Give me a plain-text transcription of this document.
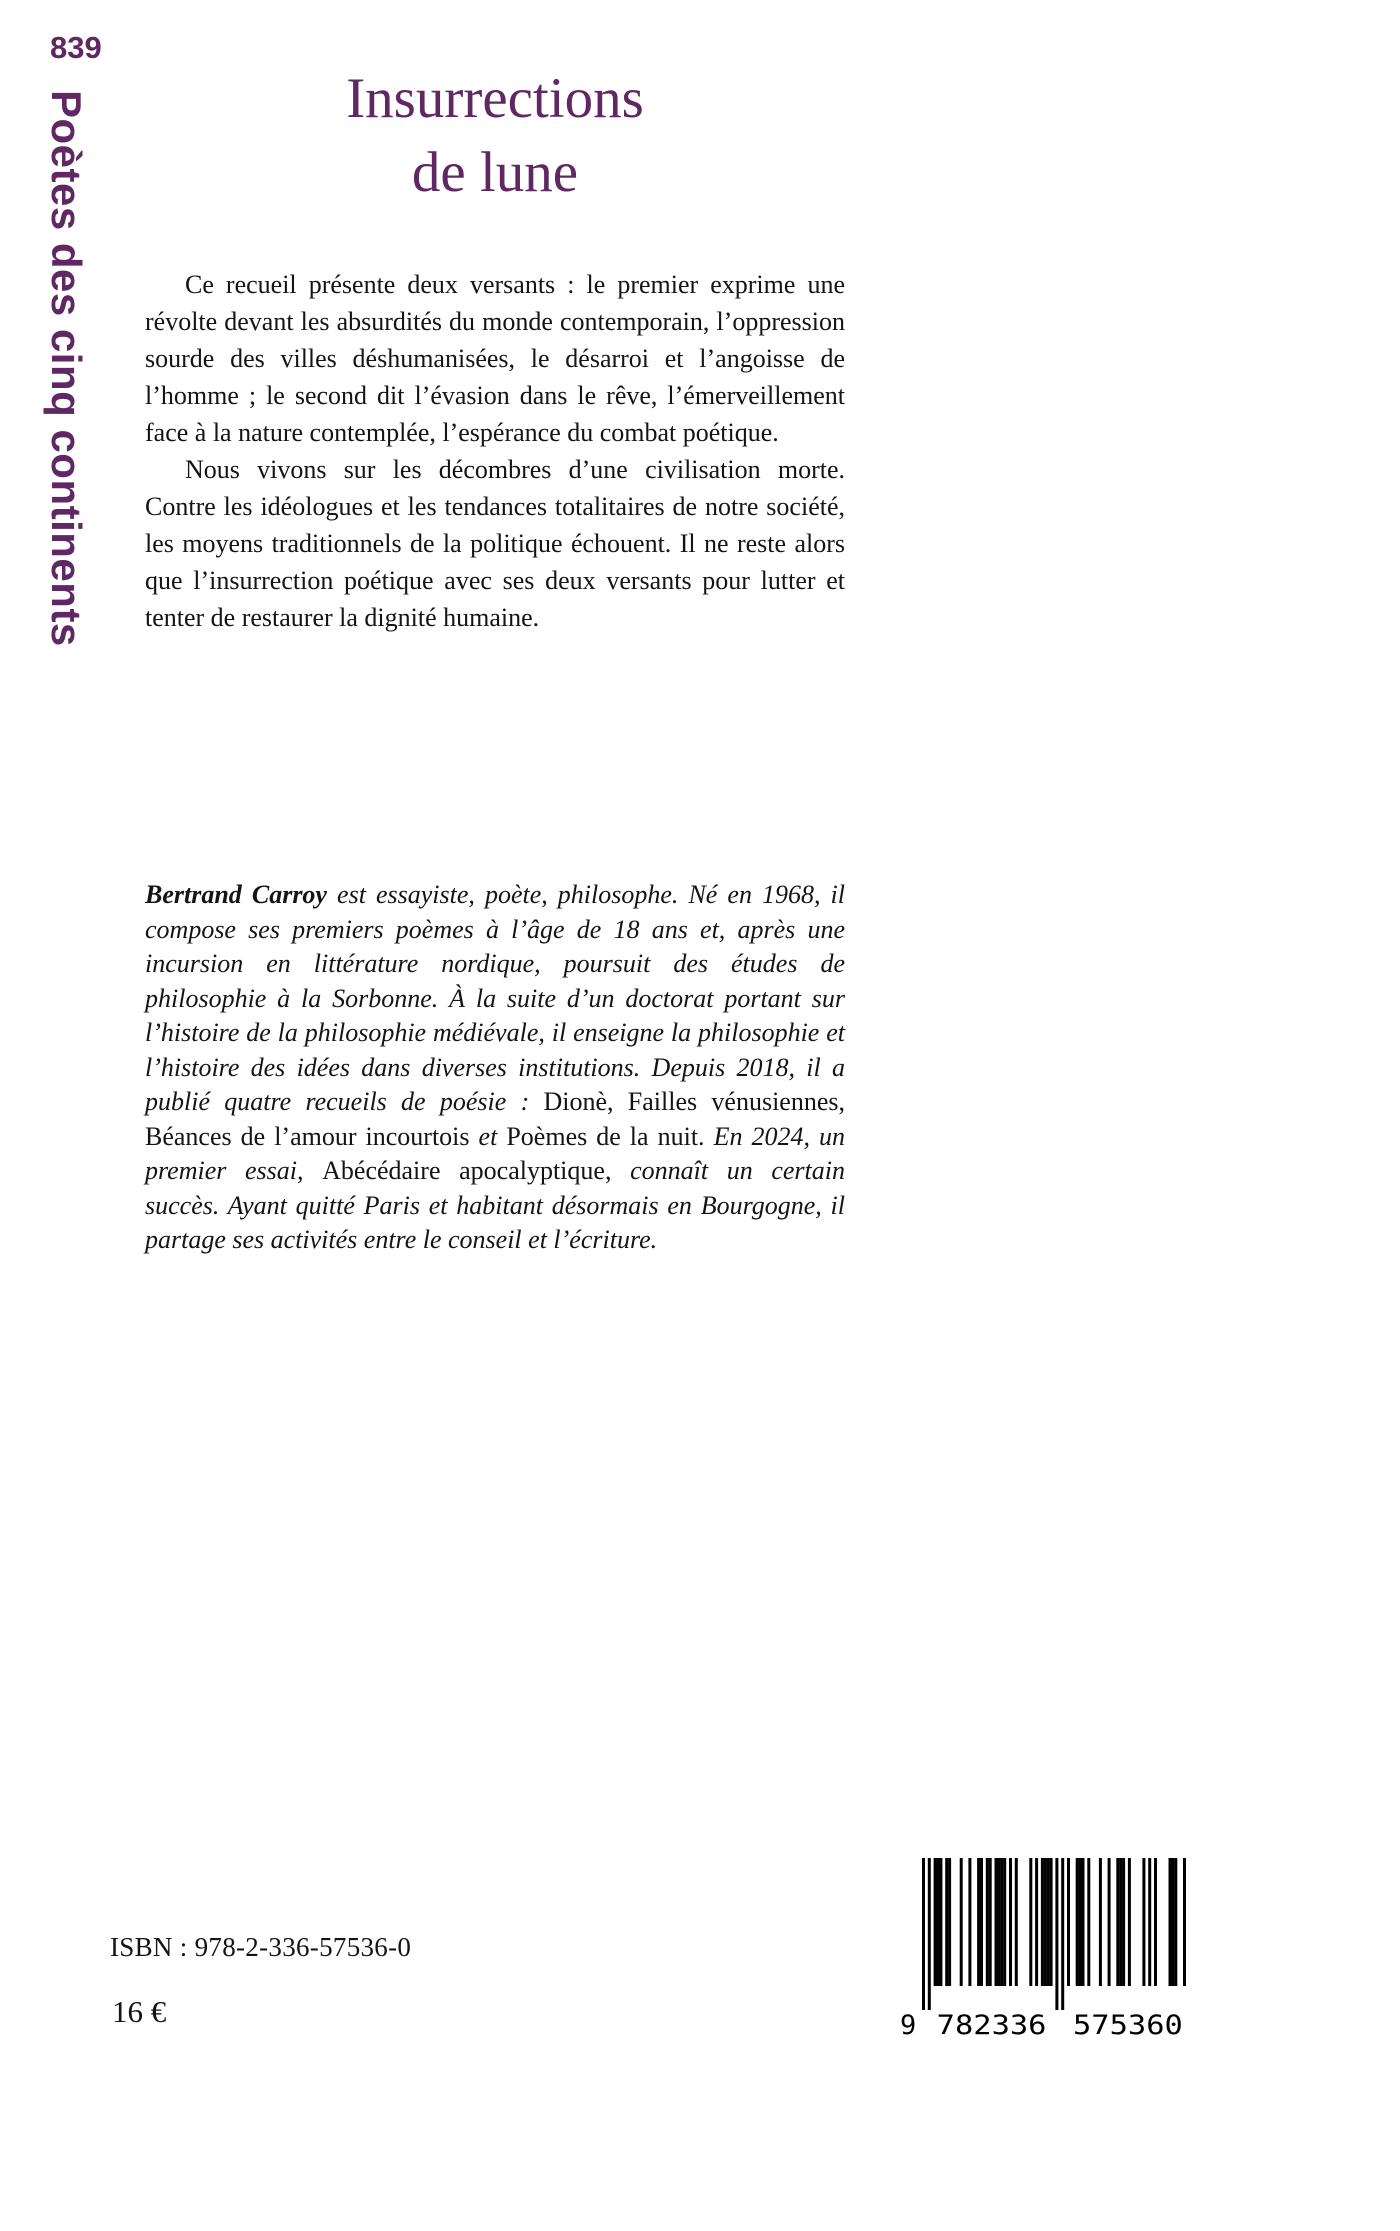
839
Poètes des cinq continents	Insurrections
de lune

Ce recueil présente deux versants : le premier exprime une révolte devant les absurdités du monde contemporain, l’oppression sourde des villes déshumanisées, le désarroi et l’angoisse de l’homme ; le second dit l’évasion dans le rêve, l’émerveillement face à la nature contemplée, l’espérance du combat poétique.

Nous vivons sur les décombres d’une civilisation morte. Contre les idéologues et les tendances totalitaires de notre société, les moyens traditionnels de la politique échouent. Il ne reste alors que l’insurrection poétique avec ses deux versants pour lutter et tenter de restaurer la dignité humaine.

Bertrand Carroy est essayiste, poète, philosophe. Né en 1968, il compose ses premiers poèmes à l’âge de 18 ans et, après une incursion en littérature nordique, poursuit des études de philosophie à la Sorbonne. À la suite d’un doctorat portant sur l’histoire de la philosophie médiévale, il enseigne la philosophie et l’histoire des idées dans diverses institutions. Depuis 2018, il a publié quatre recueils de poésie : Dionè, Failles vénusiennes, Béances de l’amour incourtois et Poèmes de la nuit. En 2024, un premier essai, Abécédaire apocalyptique, connaît un certain succès. Ayant quitté Paris et habitant désormais en Bourgogne, il partage ses activités entre le conseil et l’écriture.

ISBN : 978-2-336-57536-0
16 €	9 782336 575360
